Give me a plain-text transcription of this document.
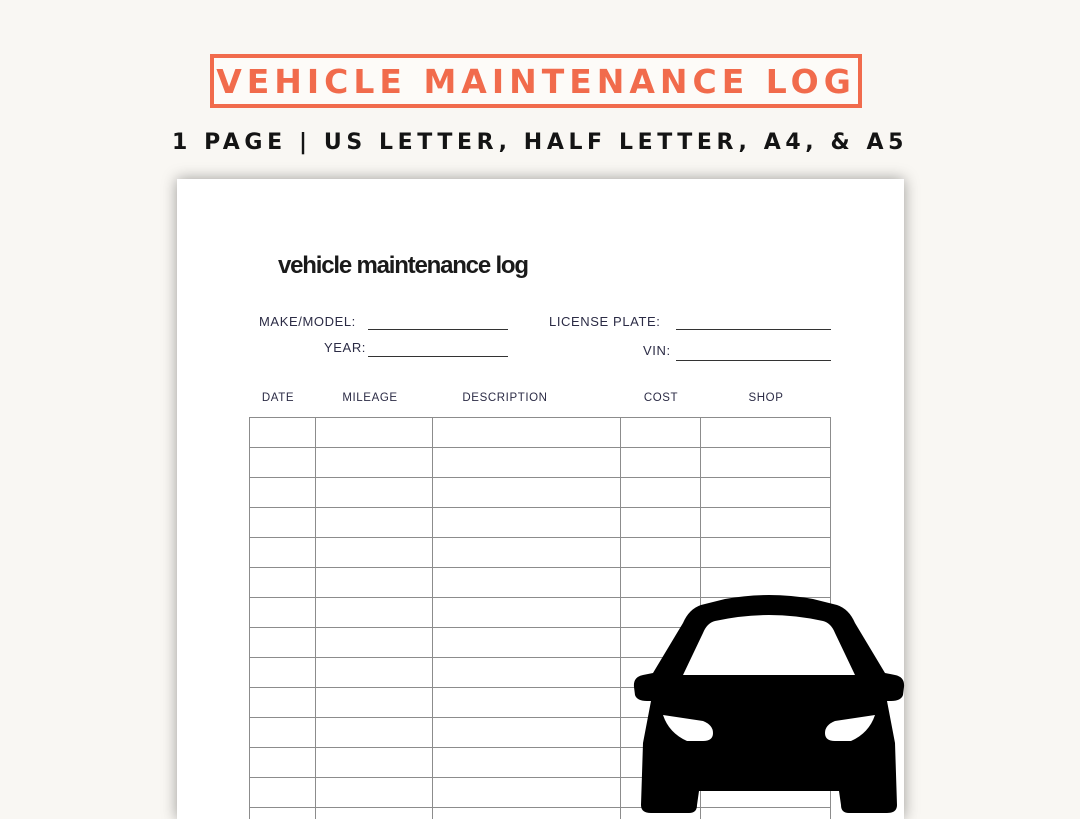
VEHICLE MAINTENANCE LOG
1 PAGE | US LETTER, HALF LETTER, A4, & A5
vehicle maintenance log
MAKE/MODEL:
YEAR:
LICENSE PLATE:
VIN:
DATE	MILEAGE	DESCRIPTION	COST	SHOP
